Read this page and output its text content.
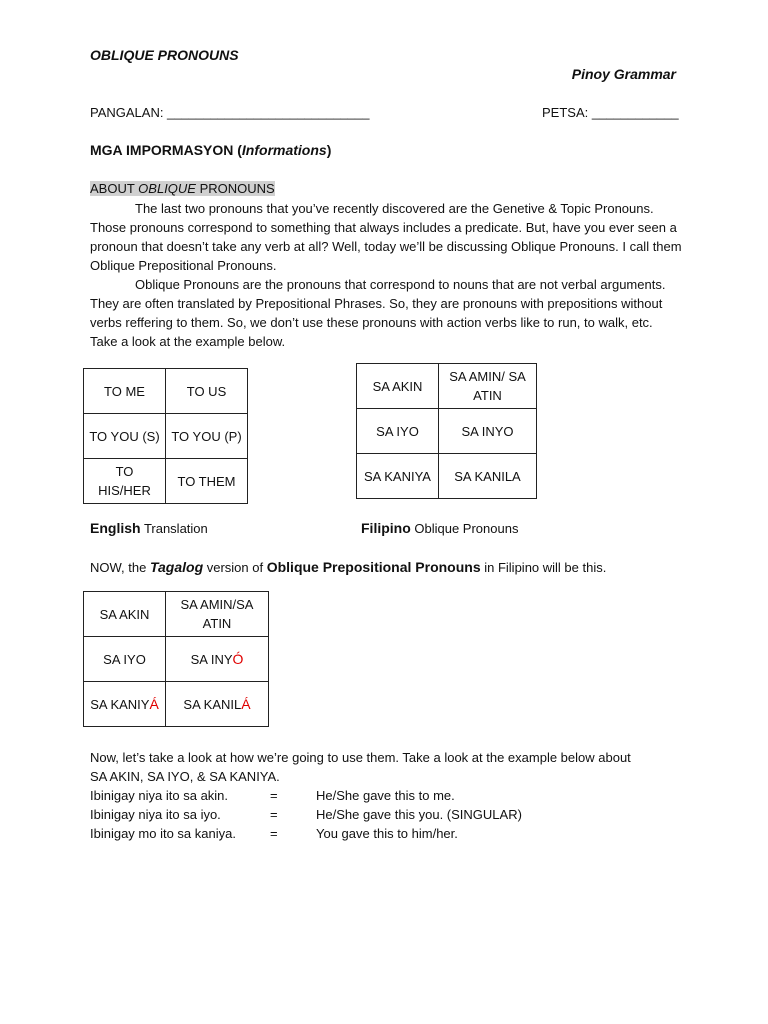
OBLIQUE PRONOUNS
Pinoy Grammar
PANGALAN: ____________________________	PETSA: ____________
MGA IMPORMASYON (Informations)
ABOUT OBLIQUE PRONOUNS

The last two pronouns that you’ve recently discovered are the Genetive & Topic Pronouns. Those pronouns correspond to something that always includes a predicate. But, have you ever seen a pronoun that doesn’t take any verb at all? Well, today we’ll be discussing Oblique Pronouns. I call them Oblique Prepositional Pronouns.

Oblique Pronouns are the pronouns that correspond to nouns that are not verbal arguments. They are often translated by Prepositional Phrases. So, they are pronouns with prepositions without verbs reffering to them. So, we don’t use these pronouns with action verbs like to run, to walk, etc. Take a look at the example below.

TO ME	TO US
TO YOU (S)	TO YOU (P)
TO HIS/HER	TO THEM
SA AKIN	SA AMIN/ SA ATIN
SA IYO	SA INYO
SA KANIYA	SA KANILA
English Translation	Filipino Oblique Pronouns
NOW, the Tagalog version of Oblique Prepositional Pronouns in Filipino will be this.
SA AKIN	SA AMIN/SA ATIN
SA IYO	SA INYÓ
SA KANIYÁ	SA KANILÁ
Now, let’s take a look at how we’re going to use them. Take a look at the example below about
SA AKIN, SA IYO, & SA KANIYA.
Ibinigay niya ito sa akin.	=	He/She gave this to me.
Ibinigay niya ito sa iyo.	=	He/She gave this you. (SINGULAR)
Ibinigay mo ito sa kaniya.	=	You gave this to him/her.
